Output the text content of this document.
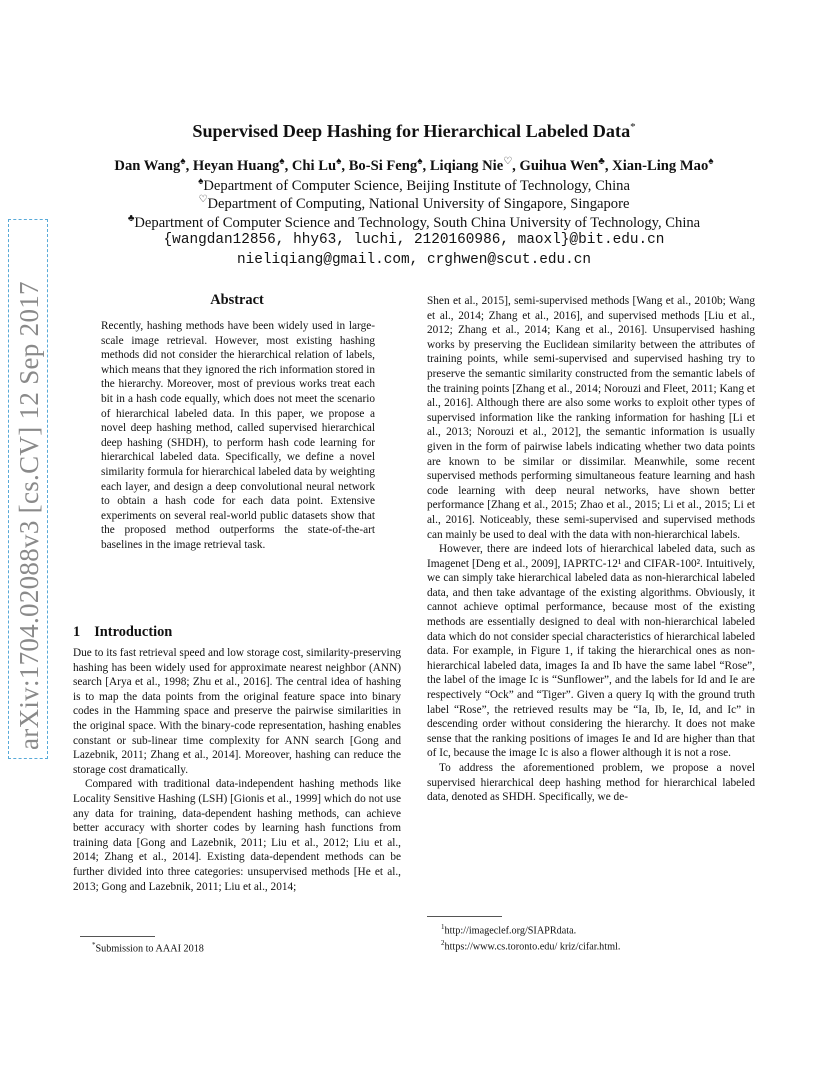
arXiv:1704.02088v3 [cs.CV] 12 Sep 2017
Supervised Deep Hashing for Hierarchical Labeled Data*
Dan Wang♠, Heyan Huang♠, Chi Lu♠, Bo-Si Feng♠, Liqiang Nie♡, Guihua Wen♣, Xian-Ling Mao♠
♠Department of Computer Science, Beijing Institute of Technology, China
♡Department of Computing, National University of Singapore, Singapore
♣Department of Computer Science and Technology, South China University of Technology, China
{wangdan12856, hhy63, luchi, 2120160986, maoxl}@bit.edu.cn
nieliqiang@gmail.com, crghwen@scut.edu.cn
Abstract

Recently, hashing methods have been widely used in large-scale image retrieval. However, most existing hashing methods did not consider the hierarchical relation of labels, which means that they ignored the rich information stored in the hierarchy. Moreover, most of previous works treat each bit in a hash code equally, which does not meet the scenario of hierarchical labeled data. In this paper, we propose a novel deep hashing method, called supervised hierarchical deep hashing (SHDH), to perform hash code learning for hierarchical labeled data. Specifically, we define a novel similarity formula for hierarchical labeled data by weighting each layer, and design a deep convolutional neural network to obtain a hash code for each data point. Extensive experiments on several real-world public datasets show that the proposed method outperforms the state-of-the-art baselines in the image retrieval task.

1 Introduction

Due to its fast retrieval speed and low storage cost, similarity-preserving hashing has been widely used for approximate nearest neighbor (ANN) search [Arya et al., 1998; Zhu et al., 2016]. The central idea of hashing is to map the data points from the original feature space into binary codes in the Hamming space and preserve the pairwise similarities in the original space. With the binary-code representation, hashing enables constant or sub-linear time complexity for ANN search [Gong and Lazebnik, 2011; Zhang et al., 2014]. Moreover, hashing can reduce the storage cost dramatically.

Compared with traditional data-independent hashing methods like Locality Sensitive Hashing (LSH) [Gionis et al., 1999] which do not use any data for training, data-dependent hashing methods, can achieve better accuracy with shorter codes by learning hash functions from training data [Gong and Lazebnik, 2011; Liu et al., 2012; Liu et al., 2014; Zhang et al., 2014]. Existing data-dependent methods can be further divided into three categories: unsupervised methods [He et al., 2013; Gong and Lazebnik, 2011; Liu et al., 2014;

Shen et al., 2015], semi-supervised methods [Wang et al., 2010b; Wang et al., 2014; Zhang et al., 2016], and supervised methods [Liu et al., 2012; Zhang et al., 2014; Kang et al., 2016]. Unsupervised hashing works by preserving the Euclidean similarity between the attributes of training points, while semi-supervised and supervised hashing try to preserve the semantic similarity constructed from the semantic labels of the training points [Zhang et al., 2014; Norouzi and Fleet, 2011; Kang et al., 2016]. Although there are also some works to exploit other types of supervised information like the ranking information for hashing [Li et al., 2013; Norouzi et al., 2012], the semantic information is usually given in the form of pairwise labels indicating whether two data points are known to be similar or dissimilar. Meanwhile, some recent supervised methods performing simultaneous feature learning and hash code learning with deep neural networks, have shown better performance [Zhang et al., 2015; Zhao et al., 2015; Li et al., 2015; Li et al., 2016]. Noticeably, these semi-supervised and supervised methods can mainly be used to deal with the data with non-hierarchical labels.

However, there are indeed lots of hierarchical labeled data, such as Imagenet [Deng et al., 2009], IAPRTC-12¹ and CIFAR-100². Intuitively, we can simply take hierarchical labeled data as non-hierarchical labeled data, and then take advantage of the existing algorithms. Obviously, it cannot achieve optimal performance, because most of the existing methods are essentially designed to deal with non-hierarchical labeled data which do not consider special characteristics of hierarchical labeled data. For example, in Figure 1, if taking the hierarchical ones as non-hierarchical labeled data, images Ia and Ib have the same label “Rose”, the label of the image Ic is “Sunflower”, and the labels for Id and Ie are respectively “Ock” and “Tiger”. Given a query Iq with the ground truth label “Rose”, the retrieved results may be “Ia, Ib, Ie, Id, and Ic” in descending order without considering the hierarchy. It does not make sense that the ranking positions of images Ie and Id are higher than that of Ic, because the image Ic is also a flower although it is not a rose.

To address the aforementioned problem, we propose a novel supervised hierarchical deep hashing method for hierarchical labeled data, denoted as SHDH. Specifically, we de-

*Submission to AAAI 2018
$^1$http://imageclef.org/SIAPRdata.
$^2$https://www.cs.toronto.edu/ kriz/cifar.html.
